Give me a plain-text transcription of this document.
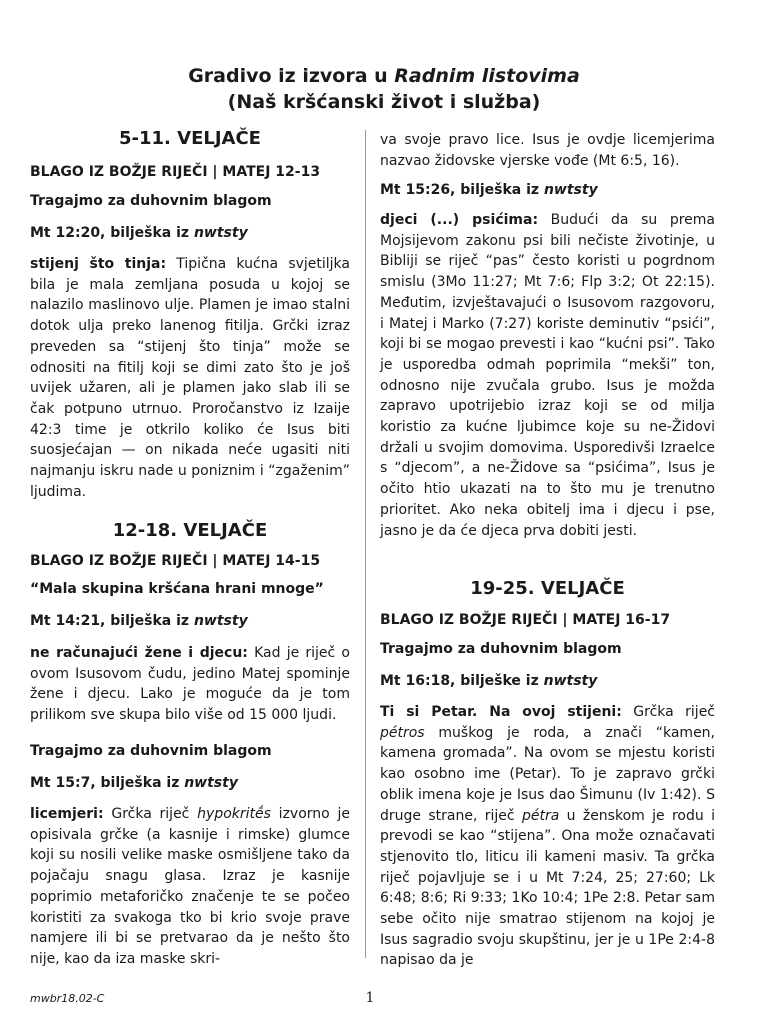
Gradivo iz izvora u Radnim listovima
(Naš kršćanski život i služba)
5-11. VELJAČE
BLAGO IZ BOŽJE RIJEČI | MATEJ 12-13
Tragajmo za duhovnim blagom
Mt 12:20, bilješka iz nwtsty
stijenj što tinja: Tipična kućna svjetiljka bila je mala zemljana posuda u kojoj se nalazilo maslinovo ulje. Plamen je imao stalni dotok ulja preko lanenog fitilja. Grčki izraz preveden sa “stijenj što tinja” može se odnositi na fitilj koji se dimi zato što je još uvijek užaren, ali je plamen jako slab ili se čak potpuno utrnuo. Proročanstvo iz Izaije 42:3 time je otkrilo koliko će Isus biti suosjećajan — on nikada neće ugasiti niti najmanju iskru nade u poniznim i “zgaženim” ljudima.
12-18. VELJAČE
BLAGO IZ BOŽJE RIJEČI | MATEJ 14-15
“Mala skupina kršćana hrani mnoge”
Mt 14:21, bilješka iz nwtsty
ne računajući žene i djecu: Kad je riječ o ovom Isusovom čudu, jedino Matej spominje žene i djecu. Lako je moguće da je tom prilikom sve skupa bilo više od 15 000 ljudi.
Tragajmo za duhovnim blagom
Mt 15:7, bilješka iz nwtsty
licemjeri: Grčka riječ hypokritḗs izvorno je opisivala grčke (a kasnije i rimske) glumce koji su nosili velike maske osmišljene tako da pojačaju snagu glasa. Izraz je kasnije poprimio metaforičko značenje te se počeo koristiti za svakoga tko bi krio svoje prave namjere ili bi se pretvarao da je nešto što nije, kao da iza maske skri-
va svoje pravo lice. Isus je ovdje licemjerima nazvao židovske vjerske vođe (Mt 6:5, 16).
Mt 15:26, bilješka iz nwtsty
djeci (...) psićima: Budući da su prema Mojsijevom zakonu psi bili nečiste životinje, u Bibliji se riječ “pas” često koristi u pogrdnom smislu (3Mo 11:27; Mt 7:6; Flp 3:2; Ot 22:15). Međutim, izvještavajući o Isusovom razgovoru, i Matej i Marko (7:27) koriste deminutiv “psići”, koji bi se mogao prevesti i kao “kućni psi”. Tako je usporedba odmah poprimila “mekši” ton, odnosno nije zvučala grubo. Isus je možda zapravo upotrijebio izraz koji se od milja koristio za kućne ljubimce koje su ne-Židovi držali u svojim domovima. Usporedivši Izraelce s “djecom”, a ne-Židove sa “psićima”, Isus je očito htio ukazati na to što mu je trenutno prioritet. Ako neka obitelj ima i djecu i pse, jasno je da će djeca prva dobiti jesti.
19-25. VELJAČE
BLAGO IZ BOŽJE RIJEČI | MATEJ 16-17
Tragajmo za duhovnim blagom
Mt 16:18, bilješke iz nwtsty
Ti si Petar. Na ovoj stijeni: Grčka riječ pétros muškog je roda, a znači “kamen, kamena gromada”. Na ovom se mjestu koristi kao osobno ime (Petar). To je zapravo grčki oblik imena koje je Isus dao Šimunu (Iv 1:42). S druge strane, riječ pétra u ženskom je rodu i prevodi se kao “stijena”. Ona može označavati stjenovito tlo, liticu ili kameni masiv. Ta grčka riječ pojavljuje se i u Mt 7:24, 25; 27:60; Lk 6:48; 8:6; Ri 9:33; 1Ko 10:4; 1Pe 2:8. Petar sam sebe očito nije smatrao stijenom na kojoj je Isus sagradio svoju skupštinu, jer je u 1Pe 2:4-8 napisao da je
mwbr18.02-C	1
